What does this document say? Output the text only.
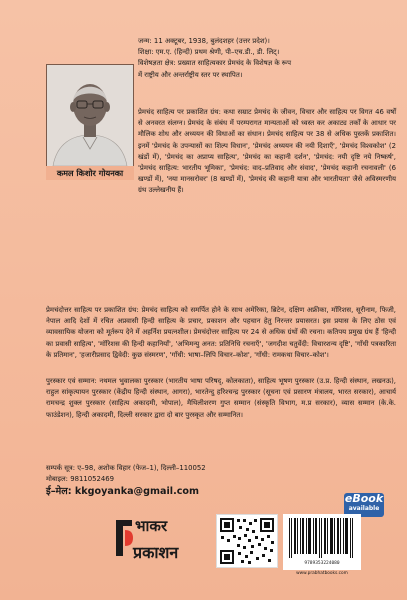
कमल किशोर गोयनका
जन्म: 11 अक्टूबर, 1938, बुलंदशहर (उत्तर प्रदेश)।
शिक्षा: एम.ए. (हिन्दी) प्रथम श्रेणी, पी–एच.डी., डी. लिट्।
विशेषज्ञता क्षेत्र: प्रख्यात साहित्यकार प्रेमचंद के विशेषज्ञ के रूप
में राष्ट्रीय और अन्तर्राष्ट्रीय स्तर पर स्थापित।
प्रेमचंद साहित्य पर प्रकाशित ग्रंथ: कथा सम्राट प्रेमचंद के जीवन, विचार और साहित्य पर विगत 46 वर्षों से अनवरत संलग्न। प्रेमचंद के संबंध में परम्परागत मान्यताओं को ध्वस्त कर अकाट्य तर्कों के आधार पर मौलिक शोध और अध्ययन की विधाओं का संधान। प्रेमचंद साहित्य पर 38 से अधिक पुस्तकें प्रकाशित। इनमें 'प्रेमचंद के उपन्यासों का शिल्प विधान', 'प्रेमचंद अध्ययन की नयी दिशाएँ', 'प्रेमचंद विश्वकोश' (2 खंडों में), 'प्रेमचंद का अप्राप्य साहित्य', 'प्रेमचंद का कहानी दर्शन', 'प्रेमचंद: नयी दृष्टि नये निष्कर्ष', 'प्रेमचंद साहित्य: भारतीय भूमिका', 'प्रेमचंद: वाद–प्रतिवाद और संवाद', 'प्रेमचंद कहानी रचनावली' (6 खण्डों में), 'नया मानसरोवर' (8 खण्डों में), 'प्रेमचंद की कहानी यात्रा और भारतीयता' जैसे अविस्मरणीय ग्रंथ उल्लेखनीय हैं।
प्रेमचंदोत्तर साहित्य पर प्रकाशित ग्रंथ: प्रेमचंद साहित्य को समर्पित होने के साथ अमेरिका, ब्रिटेन, दक्षिण अफ्रीका, मॉरिशस, सूरीनाम, फिजी, नेपाल आदि देशों में रचित अप्रवासी हिन्दी साहित्य के प्रचार, प्रकाशन और पहचान हेतु निरन्तर प्रयासरत। इस प्रयास के लिए ठोस एवं व्यावसायिक योजना को मूर्तरूप देने में अहर्निश प्रयत्नशील। प्रेमचंदोत्तर साहित्य पर 24 से अधिक ग्रंथों की रचना। कतिपय प्रमुख ग्रंथ हैं 'हिन्दी का प्रवासी साहित्य', 'मॉरिशस की हिन्दी कहानियाँ', 'अभिमन्यु अनत: प्रतिनिधि रचनाएँ', 'जगदीश चतुर्वेदी: विचारशन्य दृष्टि', 'गाँधी पत्रकारिता के प्रतिमान', 'हजारीप्रसाद द्विवेदी: कुछ संस्मरण', 'गाँधी: भाषा–लिपि विचार–कोश', 'गाँधी: रामकथा विचार–कोश'।
पुरस्कार एवं सम्मान: नथमल भुवालका पुरस्कार (भारतीय भाषा परिषद्, कोलकाता), साहित्य भूषण पुरस्कार (उ.प्र. हिन्दी संस्थान, लखनऊ), राहुल सांकृत्यायन पुरस्कार (केंद्रीय हिन्दी संस्थान, आगरा), भारतेन्दु हरिश्चन्द्र पुरस्कार (सूचना एवं प्रसारण मंत्रालय, भारत सरकार), आचार्य रामचन्द्र शुक्ल पुरस्कार (साहित्य अकादमी, भोपाल), मैथिलीशरण गुप्त सम्मान (संस्कृति विभाग, म.प्र सरकार), व्यास सम्मान (के.के. फाउंडेशन), हिन्दी अकादमी, दिल्ली सरकार द्वारा दो बार पुरस्कृत और सम्मानित।
सम्पर्क सूत्र: ए–98, अशोक विहार (फेज–1), दिल्ली–110052
मोबाइल: 9811052469
ई–मेल: kkgoyanka@gmail.com
eBook
available
भाकर
प्रकाशन
9789353224080
www.prabhatbooks.com
